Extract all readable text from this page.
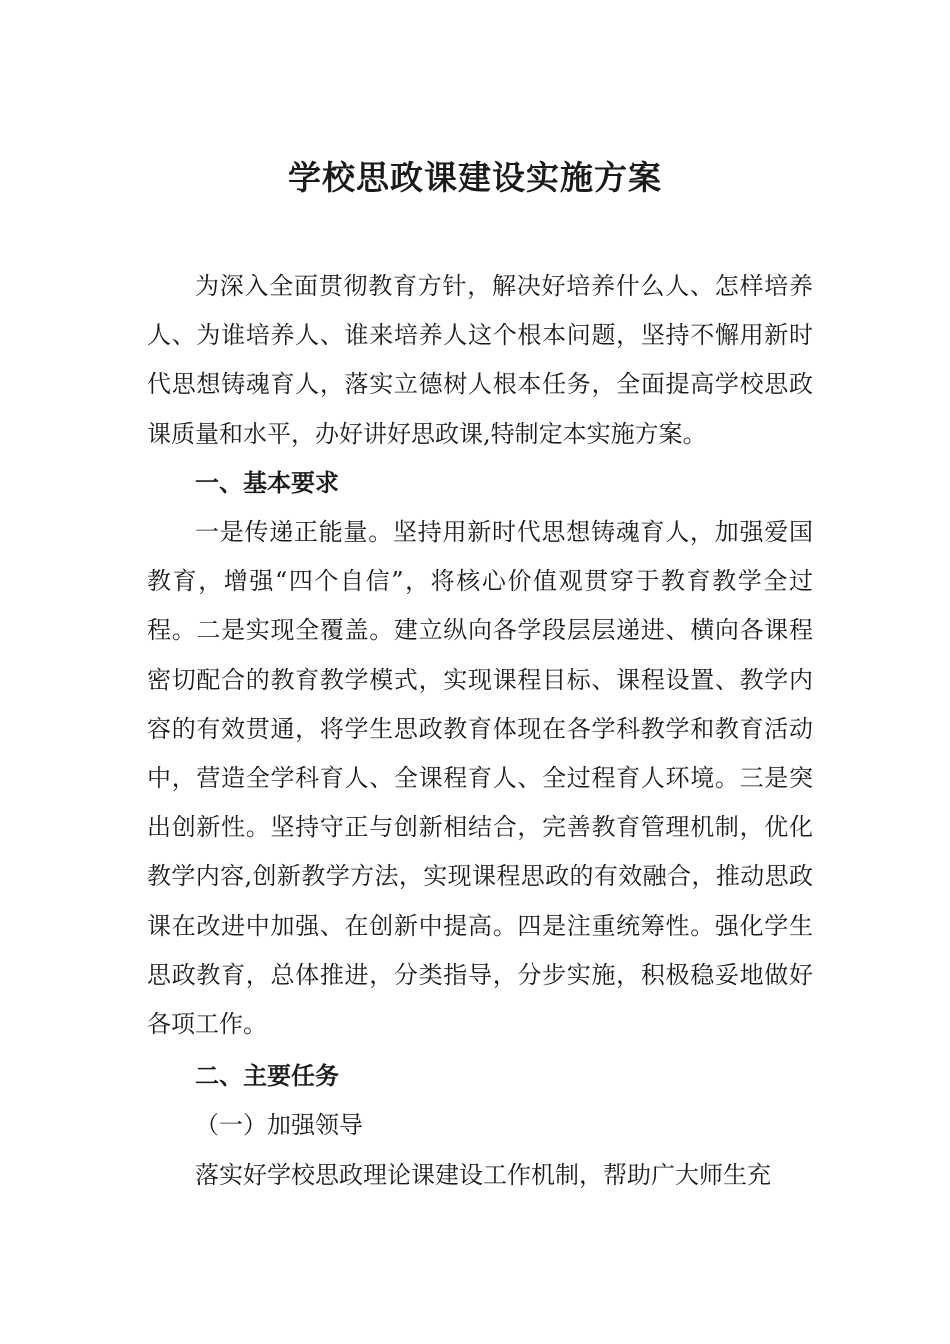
学校思政课建设实施方案

为深入全面贯彻教育方针，解决好培养什么人、怎样培养人、为谁培养人、谁来培养人这个根本问题，坚持不懈用新时代思想铸魂育人，落实立德树人根本任务，全面提高学校思政课质量和水平，办好讲好思政课,特制定本实施方案。

一、基本要求

一是传递正能量。坚持用新时代思想铸魂育人，加强爱国教育，增强“四个自信”，将核心价值观贯穿于教育教学全过程。二是实现全覆盖。建立纵向各学段层层递进、横向各课程密切配合的教育教学模式，实现课程目标、课程设置、教学内容的有效贯通，将学生思政教育体现在各学科教学和教育活动中，营造全学科育人、全课程育人、全过程育人环境。三是突出创新性。坚持守正与创新相结合，完善教育管理机制，优化教学内容,创新教学方法，实现课程思政的有效融合，推动思政课在改进中加强、在创新中提高。四是注重统筹性。强化学生思政教育，总体推进，分类指导，分步实施，积极稳妥地做好各项工作。

二、主要任务
（一）加强领导

落实好学校思政理论课建设工作机制，帮助广大师生充
